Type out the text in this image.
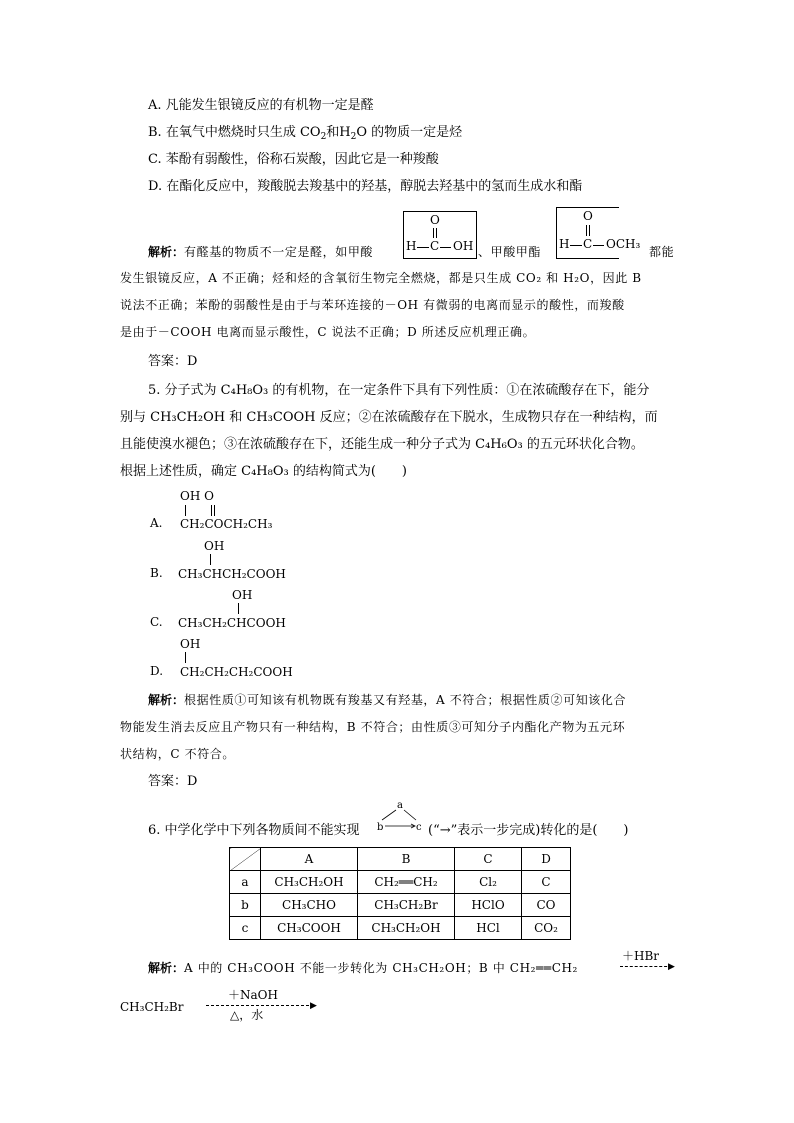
A. 凡能发生银镜反应的有机物一定是醛
B. 在氧气中燃烧时只生成 $CO_2$和$H_2O$ 的物质一定是烃
C. 苯酚有弱酸性，俗称石炭酸，因此它是一种羧酸
D. 在酯化反应中，羧酸脱去羧基中的羟基，醇脱去羟基中的氢而生成水和酯
解析：有醛基的物质不一定是醛，如甲酸
O
H C OH 、甲酸甲酯
O
H C OCH₃
都能
发生银镜反应，A 不正确；烃和烃的含氧衍生物完全燃烧，都是只生成 CO₂ 和 H₂O，因此 B
说法不正确；苯酚的弱酸性是由于与苯环连接的－OH 有微弱的电离而显示的酸性，而羧酸
是由于－COOH 电离而显示酸性，C 说法不正确；D 所述反应机理正确。
答案：D
5. 分子式为 C₄H₈O₃ 的有机物，在一定条件下具有下列性质：①在浓硫酸存在下，能分
别与 CH₃CH₂OH 和 CH₃COOH 反应；②在浓硫酸存在下脱水，生成物只存在一种结构，而
且能使溴水褪色；③在浓硫酸存在下，还能生成一种分子式为 C₄H₆O₃ 的五元环状化合物。
根据上述性质，确定 C₄H₈O₃ 的结构简式为(　　)
A.
OH O
CH₂COCH₂CH₃
B.
OH
CH₃CHCH₂COOH
C.
OH
CH₃CH₂CHCOOH
D.
OH
CH₂CH₂CH₂COOH
解析：根据性质①可知该有机物既有羧基又有羟基，A 不符合；根据性质②可知该化合
物能发生消去反应且产物只有一种结构，B 不符合；由性质③可知分子内酯化产物为五元环
状结构，C 不符合。
答案：D
6. 中学化学中下列各物质间不能实现
a
b	c (“→”表示一步完成)转化的是(　　)
	A	B	C	D
a	CH₃CH₂OH	CH₂══CH₂	Cl₂	C
b	CH₃CHO	CH₃CH₂Br	HClO	CO
c	CH₃COOH	CH₃CH₂OH	HCl	CO₂
解析：A 中的 CH₃COOH 不能一步转化为 CH₃CH₂OH；B 中 CH₂══CH₂
＋HBr
▶
CH₃CH₂Br
＋NaOH
▶
△，水
